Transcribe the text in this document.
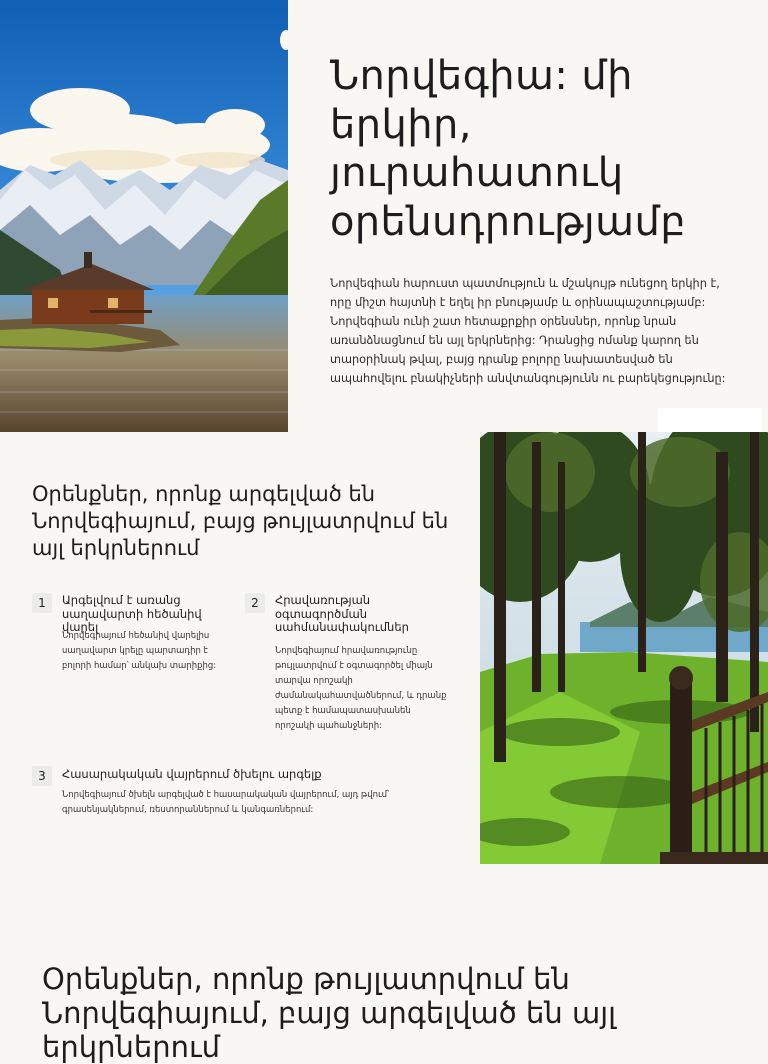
Նորվեգիա: մի երկիր, յուրահատուկ օրենսդրությամբ

Նորվեգիան հարուստ պատմություն և մշակույթ ունեցող երկիր է, որը միշտ հայտնի է եղել իր բնությամբ և օրինապաշտությամբ: Նորվեգիան ունի շատ հետաքրքիր օրենսներ, որոնք նրան առանձնացնում են այլ երկրներից: Դրանցից ոմանք կարող են տարօրինակ թվալ, բայց դրանք բոլորը նախատեսված են ապահովելու բնակիչների անվտանգությունն ու բարեկեցությունը:

Օրենքներ, որոնք արգելված են Նորվեգիայում, բայց թույլատրվում են այլ երկրներում
1	Արգելվում է առանց սաղավարտի հեծանիվ վարել

Նորվեգիայում հեծանիվ վարելիս սաղավարտ կրելը պարտադիր է բոլորի համար՝ անկախ տարիքից:

2	Հրավառության օգտագործման սահմանափակումներ

Նորվեգիայում հրավառությունը թույլատրվում է օգտագործել միայն տարվա որոշակի ժամանակահատվածներում, և դրանք պետք է համապատասխանեն որոշակի պահանջների:

3	Հասարակական վայրերում ծխելու արգելք

Նորվեգիայում ծխելն արգելված է հասարակական վայրերում, այդ թվում՝ գրասենյակներում, ռեստորաններում և կանգառներում:

Օրենքներ, որոնք թույլատրվում են Նորվեգիայում, բայց արգելված են այլ երկրներում
